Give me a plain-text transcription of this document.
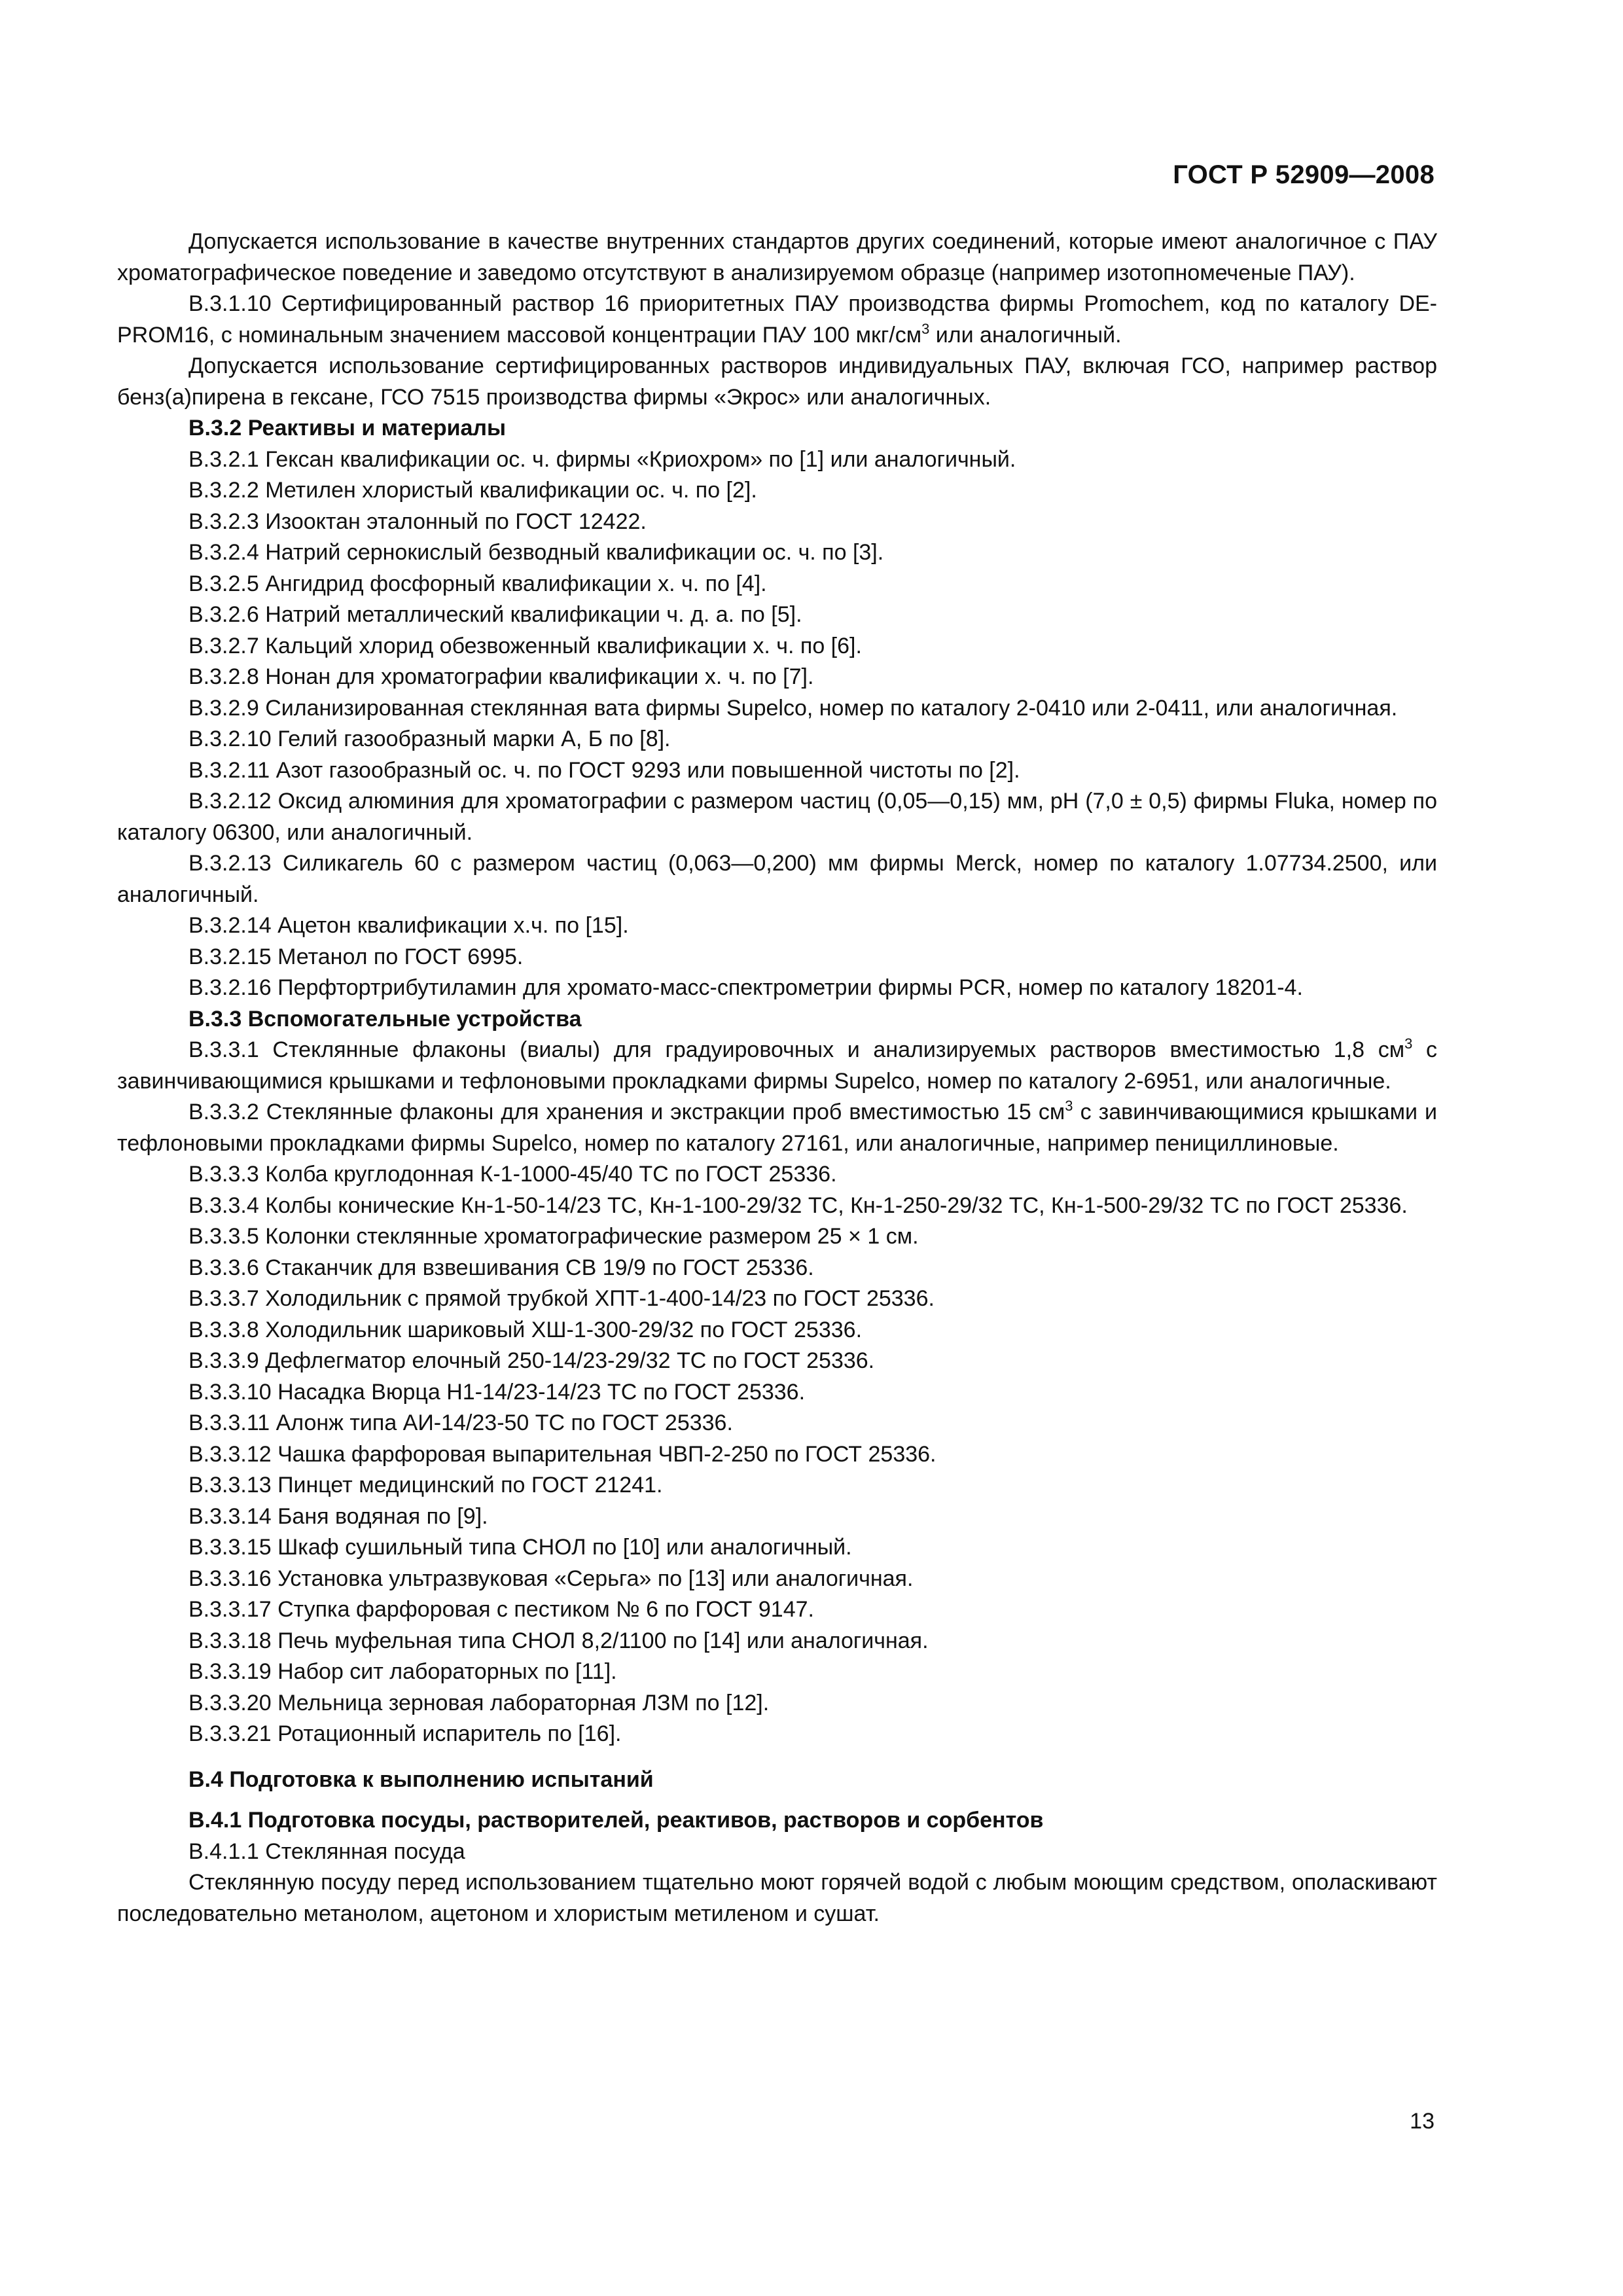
ГОСТ Р 52909—2008

Допускается использование в качестве внутренних стандартов других соединений, которые имеют аналогичное с ПАУ хроматографическое поведение и заведомо отсутствуют в анализируемом образце (например изотопномеченые ПАУ).

В.3.1.10 Сертифицированный раствор 16 приоритетных ПАУ производства фирмы Promochem, код по каталогу DE-PROM16, с номинальным значением массовой концентрации ПАУ 100 мкг/$см^3$ или аналогичный.

Допускается использование сертифицированных растворов индивидуальных ПАУ, включая ГСО, например раствор бенз(а)пирена в гексане, ГСО 7515 производства фирмы «Экрос» или аналогичных.

В.3.2 Реактивы и материалы

В.3.2.1 Гексан квалификации ос. ч. фирмы «Криохром» по [1] или аналогичный.

В.3.2.2 Метилен хлористый квалификации ос. ч. по [2].

В.3.2.3 Изооктан эталонный по ГОСТ 12422.

В.3.2.4 Натрий сернокислый безводный квалификации ос. ч. по [3].

В.3.2.5 Ангидрид фосфорный квалификации х. ч. по [4].

В.3.2.6 Натрий металлический квалификации ч. д. а. по [5].

В.3.2.7 Кальций хлорид обезвоженный квалификации х. ч. по [6].

В.3.2.8 Нонан для хроматографии квалификации х. ч. по [7].

В.3.2.9 Силанизированная стеклянная вата фирмы Supelco, номер по каталогу 2-0410 или 2-0411, или аналогичная.

В.3.2.10 Гелий газообразный марки А, Б по [8].

В.3.2.11 Азот газообразный ос. ч. по ГОСТ 9293 или повышенной чистоты по [2].

В.3.2.12 Оксид алюминия для хроматографии с размером частиц (0,05—0,15) мм, pH (7,0 ± 0,5) фирмы Fluka, номер по каталогу 06300, или аналогичный.

В.3.2.13 Силикагель 60 с размером частиц (0,063—0,200) мм фирмы Merck, номер по каталогу 1.07734.2500, или аналогичный.

В.3.2.14 Ацетон квалификации х.ч. по [15].

В.3.2.15 Метанол по ГОСТ 6995.

В.3.2.16 Перфтортрибутиламин для хромато-масс-спектрометрии фирмы PCR, номер по каталогу 18201-4.

В.3.3 Вспомогательные устройства

В.3.3.1 Стеклянные флаконы (виалы) для градуировочных и анализируемых растворов вместимостью 1,8 $см^3$ с завинчивающимися крышками и тефлоновыми прокладками фирмы Supelco, номер по каталогу 2-6951, или аналогичные.

В.3.3.2 Стеклянные флаконы для хранения и экстракции проб вместимостью 15 $см^3$ с завинчивающимися крышками и тефлоновыми прокладками фирмы Supelco, номер по каталогу 27161, или аналогичные, например пенициллиновые.

В.3.3.3 Колба круглодонная К-1-1000-45/40 ТС по ГОСТ 25336.

В.3.3.4 Колбы конические Кн-1-50-14/23 ТС, Кн-1-100-29/32 ТС, Кн-1-250-29/32 ТС, Кн-1-500-29/32 ТС по ГОСТ 25336.

В.3.3.5 Колонки стеклянные хроматографические размером 25 × 1 см.

В.3.3.6 Стаканчик для взвешивания СВ 19/9 по ГОСТ 25336.

В.3.3.7 Холодильник с прямой трубкой ХПТ-1-400-14/23 по ГОСТ 25336.

В.3.3.8 Холодильник шариковый ХШ-1-300-29/32 по ГОСТ 25336.

В.3.3.9 Дефлегматор елочный 250-14/23-29/32 ТС по ГОСТ 25336.

В.3.3.10 Насадка Вюрца Н1-14/23-14/23 ТС по ГОСТ 25336.

В.3.3.11 Алонж типа АИ-14/23-50 ТС по ГОСТ 25336.

В.3.3.12 Чашка фарфоровая выпарительная ЧВП-2-250 по ГОСТ 25336.

В.3.3.13 Пинцет медицинский по ГОСТ 21241.

В.3.3.14 Баня водяная по [9].

В.3.3.15 Шкаф сушильный типа СНОЛ по [10] или аналогичный.

В.3.3.16 Установка ультразвуковая «Серьга» по [13] или аналогичная.

В.3.3.17 Ступка фарфоровая с пестиком № 6 по ГОСТ 9147.

В.3.3.18 Печь муфельная типа СНОЛ 8,2/1100 по [14] или аналогичная.

В.3.3.19 Набор сит лабораторных по [11].

В.3.3.20 Мельница зерновая лабораторная ЛЗМ по [12].

В.3.3.21 Ротационный испаритель по [16].

В.4 Подготовка к выполнению испытаний

В.4.1 Подготовка посуды, растворителей, реактивов, растворов и сорбентов

В.4.1.1 Стеклянная посуда

Стеклянную посуду перед использованием тщательно моют горячей водой с любым моющим средством, ополаскивают последовательно метанолом, ацетоном и хлористым метиленом и сушат.

13
